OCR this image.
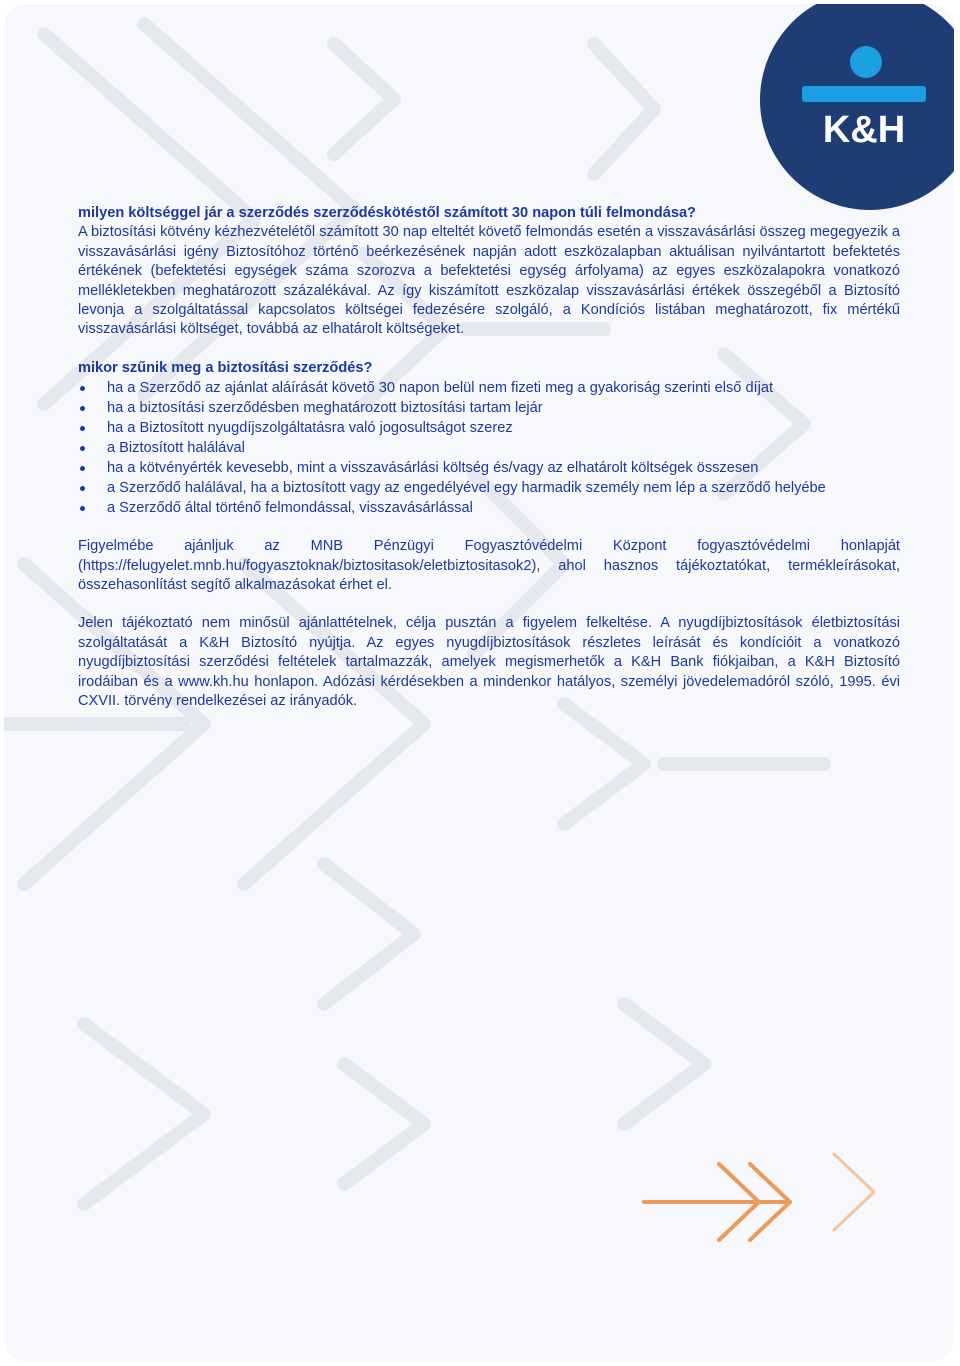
K&H
milyen költséggel jár a szerződés szerződéskötéstől számított 30 napon túli felmondása?

A biztosítási kötvény kézhezvételétől számított 30 nap elteltét követő felmondás esetén a visszavásárlási összeg megegyezik a visszavásárlási igény Biztosítóhoz történő beérkezésének napján adott eszközalapban aktuálisan nyilvántartott befektetés értékének (befektetési egységek száma szorozva a befektetési egység árfolyama) az egyes eszközalapokra vonatkozó mellékletekben meghatározott százalékával. Az így kiszámított eszközalap visszavásárlási értékek összegéből a Biztosító levonja a szolgáltatással kapcsolatos költségei fedezésére szolgáló, a Kondíciós listában meghatározott, fix mértékű visszavásárlási költséget, továbbá az elhatárolt költségeket.

mikor szűnik meg a biztosítási szerződés?
ha a Szerződő az ajánlat aláírását követő 30 napon belül nem fizeti meg a gyakoriság szerinti első díjat
ha a biztosítási szerződésben meghatározott biztosítási tartam lejár
ha a Biztosított nyugdíjszolgáltatásra való jogosultságot szerez
a Biztosított halálával
ha a kötvényérték kevesebb, mint a visszavásárlási költség és/vagy az elhatárolt költségek összesen
a Szerződő halálával, ha a biztosított vagy az engedélyével egy harmadik személy nem lép a szerződő helyébe
a Szerződő által történő felmondással, visszavásárlással

Figyelmébe ajánljuk az MNB Pénzügyi Fogyasztóvédelmi Központ fogyasztóvédelmi honlapját (https://felugyelet.mnb.hu/fogyasztoknak/biztositasok/eletbiztositasok2), ahol hasznos tájékoztatókat, termékleírásokat, összehasonlítást segítő alkalmazásokat érhet el.

Jelen tájékoztató nem minősül ajánlattételnek, célja pusztán a figyelem felkeltése. A nyugdíjbiztosítások életbiztosítási szolgáltatását a K&H Biztosító nyújtja. Az egyes nyugdíjbiztosítások részletes leírását és kondícióit a vonatkozó nyugdíjbiztosítási szerződési feltételek tartalmazzák, amelyek megismerhetők a K&H Bank fiókjaiban, a K&H Biztosító irodáiban és a www.kh.hu honlapon. Adózási kérdésekben a mindenkor hatályos, személyi jövedelemadóról szóló, 1995. évi CXVII. törvény rendelkezései az irányadók.
